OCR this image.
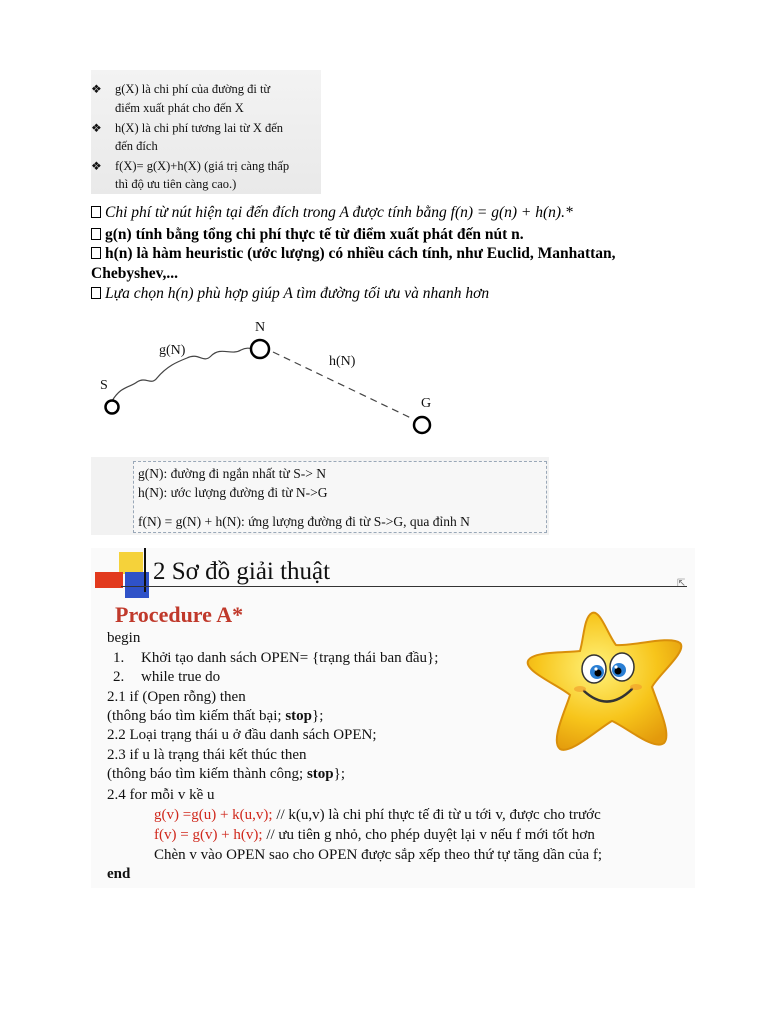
❖ g(X) là chi phí của đường đi từ
điểm xuất phát cho đến X
❖ h(X) là chi phí tương lai từ X đến
đến đích
❖ f(X)= g(X)+h(X) (giá trị càng thấp
thì độ ưu tiên càng cao.)
Chi phí từ nút hiện tại đến đích trong A được tính bằng f(n) = g(n) + h(n).*
g(n) tính bằng tổng chi phí thực tế từ điểm xuất phát đến nút n.
h(n) là hàm heuristic (ước lượng) có nhiều cách tính, như Euclid, Manhattan,
Chebyshev,...
Lựa chọn h(n) phù hợp giúp A tìm đường tối ưu và nhanh hơn
S
N
G
g(N)
h(N)
g(N): đường đi ngắn nhất từ S-> N
h(N): ước lượng đường đi từ N->G
f(N) = g(N) + h(N): ứng lượng đường đi từ S->G, qua đỉnh N
2 Sơ đồ giải thuật	⇱
Procedure A*
begin
1. Khởi tạo danh sách OPEN= {trạng thái ban đầu};
2. while true do
2.1 if (Open rỗng) then
(thông báo tìm kiếm thất bại; stop};
2.2 Loại trạng thái u ở đầu danh sách OPEN;
2.3 if u là trạng thái kết thúc then
(thông báo tìm kiếm thành công; stop};
2.4 for mỗi v kề u
g(v) =g(u) + k(u,v); // k(u,v) là chi phí thực tế đi từ u tới v, được cho trước
f(v) = g(v) + h(v); // ưu tiên g nhỏ, cho phép duyệt lại v nếu f mới tốt hơn
Chèn v vào OPEN sao cho OPEN được sắp xếp theo thứ tự tăng dần của f;
end
